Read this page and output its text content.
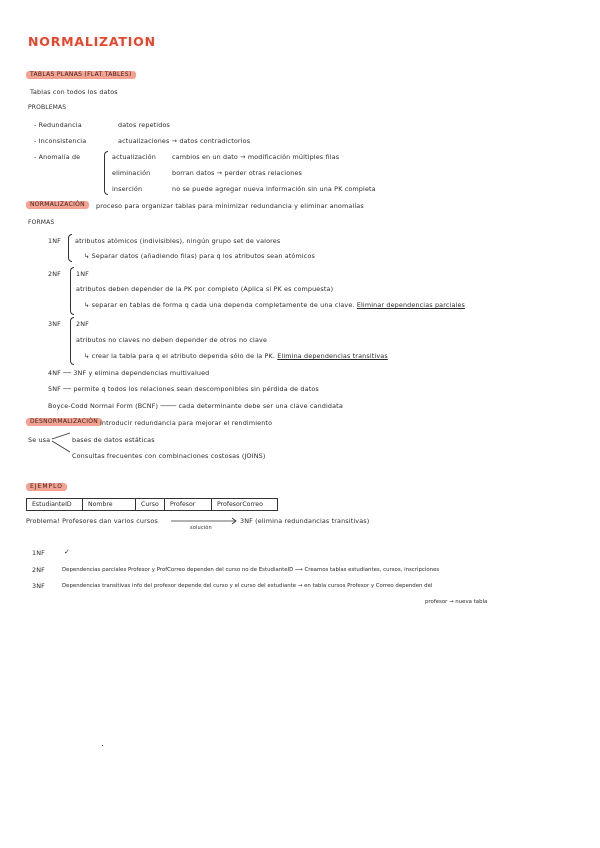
NORMALIZATION
TABLAS PLANAS (FLAT TABLES)
Tablas con todos los datos
PROBLEMAS
- Redundancia	datos repetidos
- Inconsistencia	actualizaciones → datos contradictorios
- Anomalía de	actualización	cambios en un dato → modificación múltiples filas
eliminación	borran datos → perder otras relaciones
inserción	no se puede agregar nueva información sin una PK completa
NORMALIZACIÓN	proceso para organizar tablas para minimizar redundancia y eliminar anomalías
FORMAS
1NF atributos atómicos (indivisibles), ningún grupo set de valores
↳ Separar datos (añadiendo filas) para q los atributos sean atómicos
2NF 1NF
atributos deben depender de la PK por completo (Aplica si PK es compuesta)
↳ separar en tablas de forma q cada una dependa completamente de una clave. Eliminar dependencias parciales
3NF 2NF
atributos no claves no deben depender de otros no clave
↳ crear la tabla para q el atributo dependa sólo de la PK. Elimina dependencias transitivas
4NF ── 3NF y elimina dependencias multivalued
5NF ── permite q todos los relaciones sean descomponibles sin pérdida de datos
Boyce-Codd Normal Form (BCNF) ──── cada determinante debe ser una clave candidata
DESNORMALIZACIÓN introducir redundancia para mejorar el rendimiento
Se usa	bases de datos estáticas
Consultas frecuentes con combinaciones costosas (JOINS)
EJEMPLO
EstudianteID	Nombre	Curso	Profesor	ProfesorCorreo
Problema! Profesores dan varios cursos
solución
3NF (elimina redundancias transitivas)
1NF	✓
2NF	Dependencias parciales Profesor y ProfCorreo dependen del curso no de EstudianteID ⟶ Creamos tablas estudiantes, cursos, inscripciones
3NF	Dependencias transitivas info del profesor depende del curso y el curso del estudiante → en tabla cursos Profesor y Correo dependen del
profesor → nueva tabla
